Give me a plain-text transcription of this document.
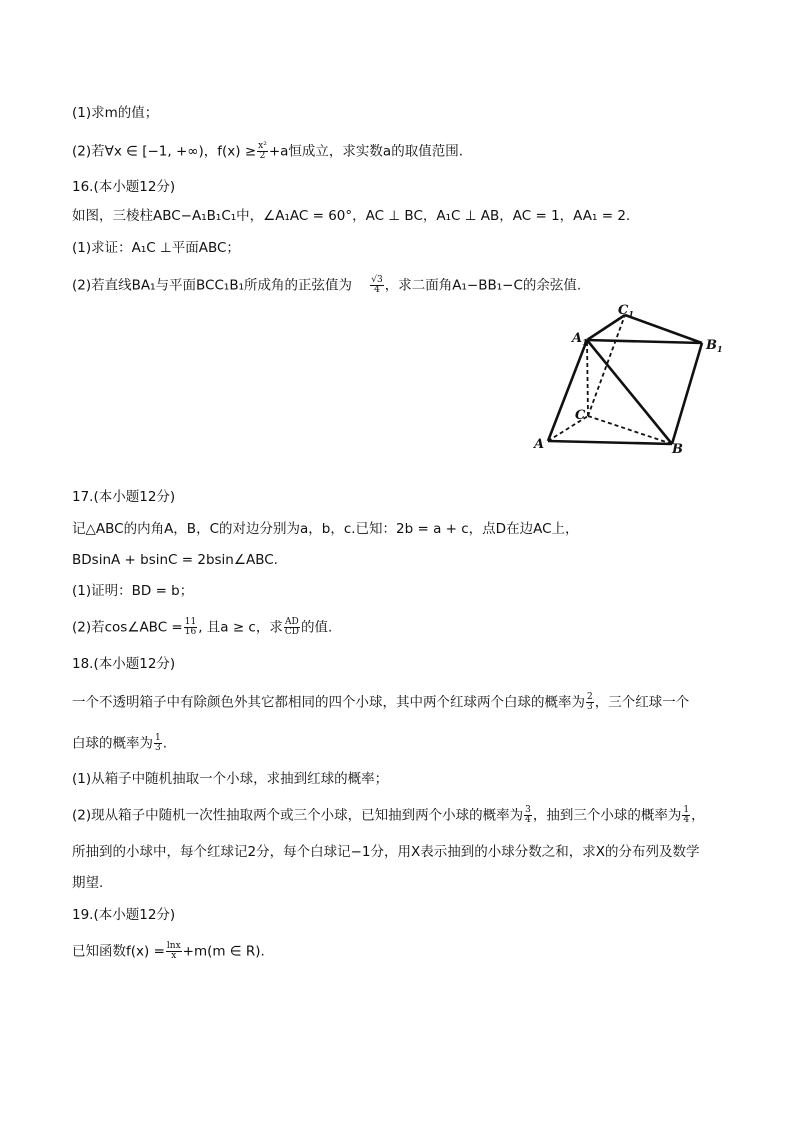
(1)求m的值；
(2)若∀x ∈ [−1, +∞)，$f(x) \ge \frac{\text{x²}}{2} +a$恒成立，求实数a的取值范围.
16.(本小题12分)
如图，三棱柱ABC−A₁B₁C₁中，∠A₁AC = 60°，AC ⊥ BC，A₁C ⊥ AB，AC = 1，AA₁ = 2.
(1)求证：A₁C ⊥平面ABC；
(2)若直线BA₁与平面BCC₁B₁所成角的正弦值为 $\frac{√3}{4}$ ，求二面角A₁−BB₁−C的余弦值.
A	B
C
$A_1$	$B_1$
$C_1$
17.(本小题12分)
记△ABC的内角A，B，C的对边分别为a，b，c.已知：2b = a + c，点D在边AC上，
BDsinA + bsinC = 2bsin∠ABC.
(1)证明：BD = b；
(2)若cos∠ABC = $\frac{11}{16}$ , 且a ≥ c，求 $\frac{AD}{CD}$ 的值.
18.(本小题12分)
一个不透明箱子中有除颜色外其它都相同的四个小球，其中两个红球两个白球的概率为 $\frac{2}{3}$ ，三个红球一个
白球的概率为 $\frac{1}{3}$ .
(1)从箱子中随机抽取一个小球，求抽到红球的概率；
(2)现从箱子中随机一次性抽取两个或三个小球，已知抽到两个小球的概率为 $\frac{3}{4}$ ，抽到三个小球的概率为 $\frac{1}{4}$ ，
所抽到的小球中，每个红球记2分，每个白球记−1分，用X表示抽到的小球分数之和，求X的分布列及数学
期望.
19.(本小题12分)
已知函数$f(x) = \frac{\ln x}{x} +m(m$ ∈ R).
